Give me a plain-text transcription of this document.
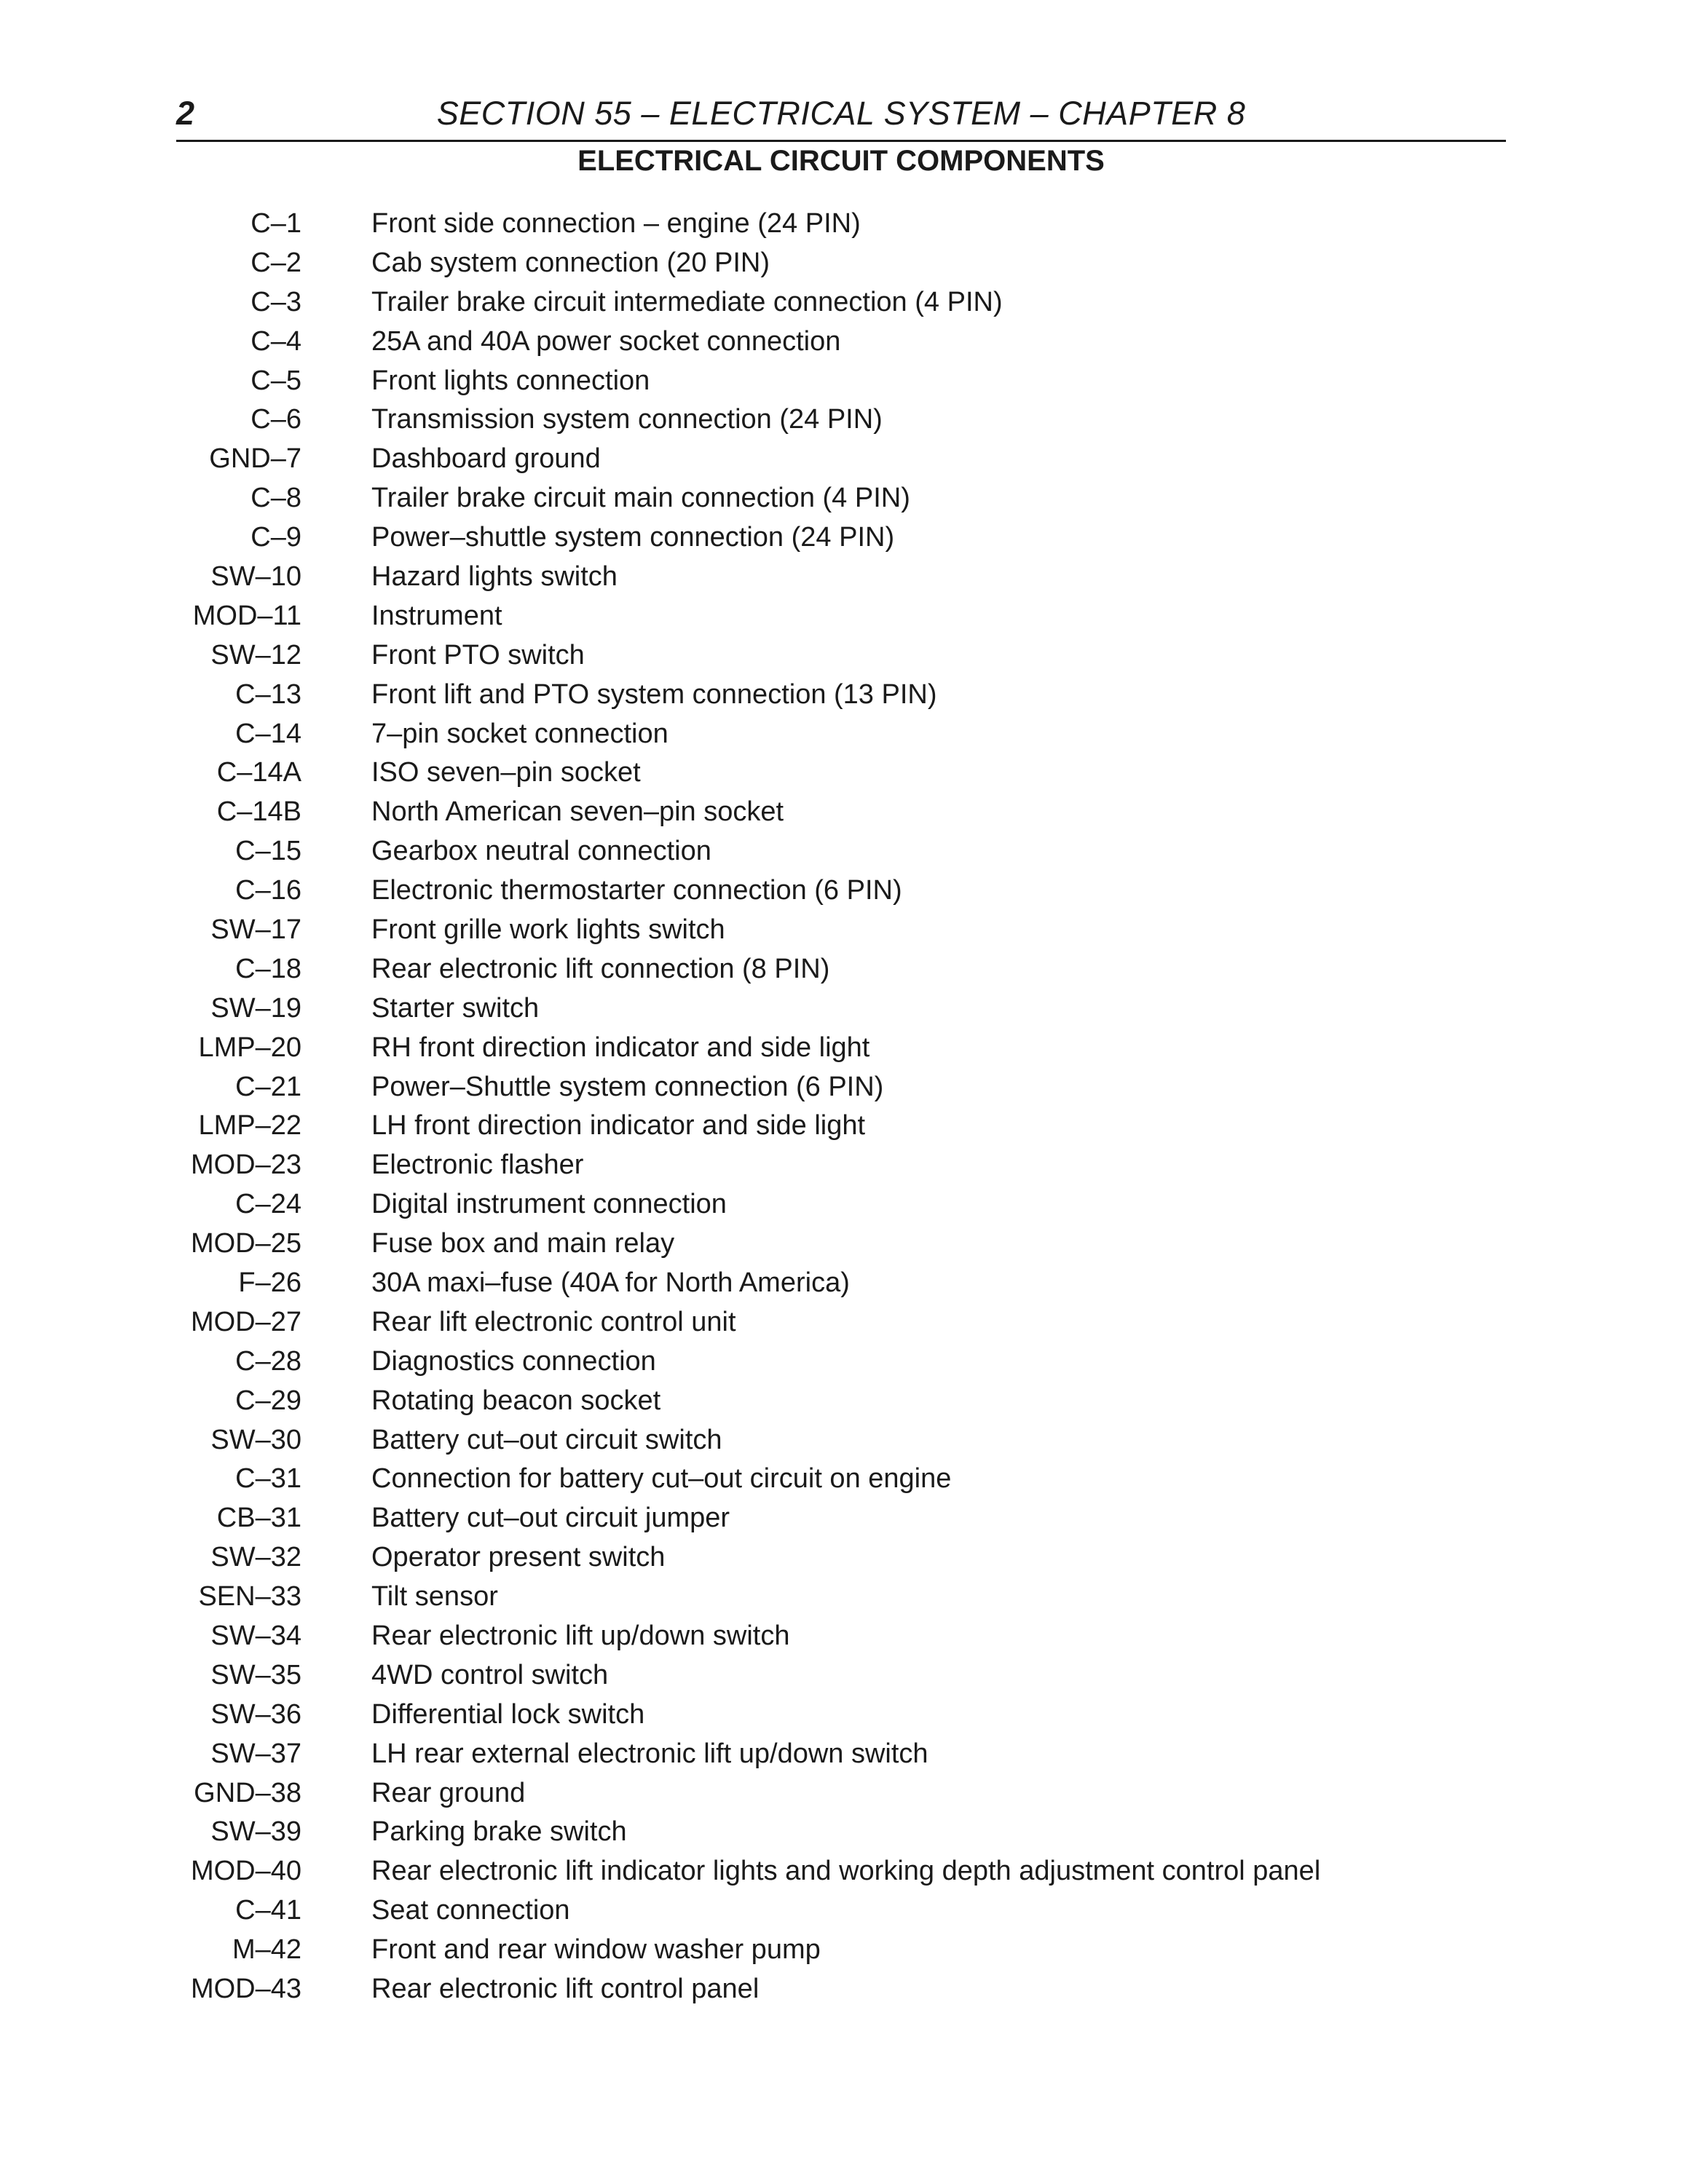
2	SECTION 55 – ELECTRICAL SYSTEM – CHAPTER 8
ELECTRICAL CIRCUIT COMPONENTS
C–1	Front side connection – engine (24 PIN)
C–2	Cab system connection (20 PIN)
C–3	Trailer brake circuit intermediate connection (4 PIN)
C–4	25A and 40A power socket connection
C–5	Front lights connection
C–6	Transmission system connection (24 PIN)
GND–7	Dashboard ground
C–8	Trailer brake circuit main connection (4 PIN)
C–9	Power–shuttle system connection (24 PIN)
SW–10	Hazard lights switch
MOD–11	Instrument
SW–12	Front PTO switch
C–13	Front lift and PTO system connection (13 PIN)
C–14	7–pin socket connection
C–14A	ISO seven–pin socket
C–14B	North American seven–pin socket
C–15	Gearbox neutral connection
C–16	Electronic thermostarter connection (6 PIN)
SW–17	Front grille work lights switch
C–18	Rear electronic lift connection (8 PIN)
SW–19	Starter switch
LMP–20	RH front direction indicator and side light
C–21	Power–Shuttle system connection (6 PIN)
LMP–22	LH front direction indicator and side light
MOD–23	Electronic flasher
C–24	Digital instrument connection
MOD–25	Fuse box and main relay
F–26	30A maxi–fuse (40A for North America)
MOD–27	Rear lift electronic control unit
C–28	Diagnostics connection
C–29	Rotating beacon socket
SW–30	Battery cut–out circuit switch
C–31	Connection for battery cut–out circuit on engine
CB–31	Battery cut–out circuit jumper
SW–32	Operator present switch
SEN–33	Tilt sensor
SW–34	Rear electronic lift up/down switch
SW–35	4WD control switch
SW–36	Differential lock switch
SW–37	LH rear external electronic lift up/down switch
GND–38	Rear ground
SW–39	Parking brake switch
MOD–40	Rear electronic lift indicator lights and working depth adjustment control panel
C–41	Seat connection
M–42	Front and rear window washer pump
MOD–43	Rear electronic lift control panel
